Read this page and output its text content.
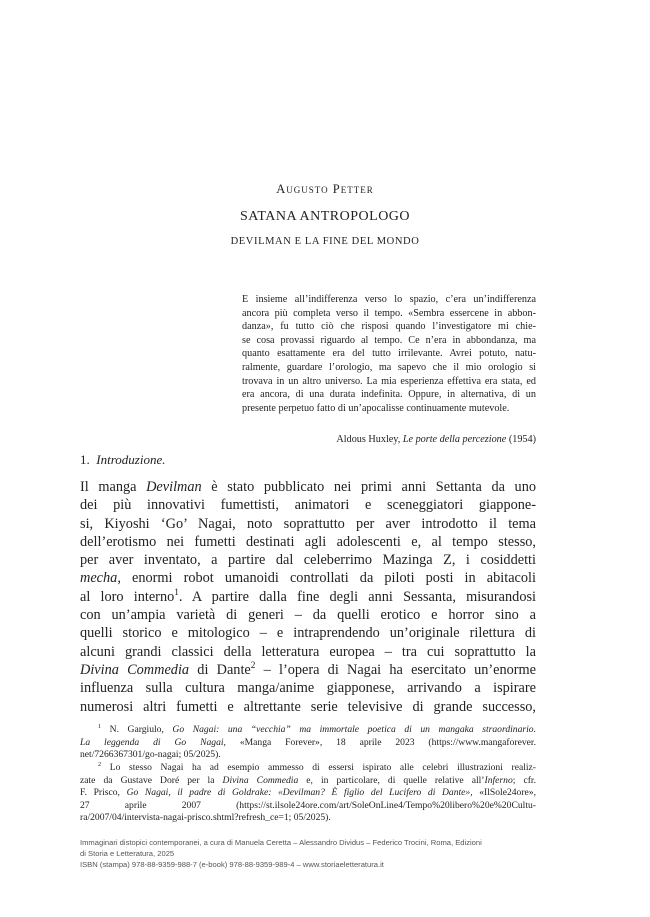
Augusto Petter
SATANA ANTROPOLOGO
DEVILMAN E LA FINE DEL MONDO
E insieme all’indifferenza verso lo spazio, c’era un’indifferenza
ancora più completa verso il tempo. «Sembra essercene in abbon-
danza», fu tutto ciò che risposi quando l’investigatore mi chie-
se cosa provassi riguardo al tempo. Ce n’era in abbondanza, ma
quanto esattamente era del tutto irrilevante. Avrei potuto, natu-
ralmente, guardare l’orologio, ma sapevo che il mio orologio si
trovava in un altro universo. La mia esperienza effettiva era stata, ed
era ancora, di una durata indefinita. Oppure, in alternativa, di un
presente perpetuo fatto di un’apocalisse continuamente mutevole.
Aldous Huxley, Le porte della percezione (1954)
1. Introduzione.
Il manga Devilman è stato pubblicato nei primi anni Settanta da uno
dei più innovativi fumettisti, animatori e sceneggiatori giappone-
si, Kiyoshi ‘Go’ Nagai, noto soprattutto per aver introdotto il tema
dell’erotismo nei fumetti destinati agli adolescenti e, al tempo stesso,
per aver inventato, a partire dal celeberrimo Mazinga Z, i cosiddetti
mecha, enormi robot umanoidi controllati da piloti posti in abitacoli
al loro interno$^1$. A partire dalla fine degli anni Sessanta, misurandosi
con un’ampia varietà di generi – da quelli erotico e horror sino a
quelli storico e mitologico – e intraprendendo un’originale rilettura di
alcuni grandi classici della letteratura europea – tra cui soprattutto la
Divina Commedia di Dante$^2$ – l’opera di Nagai ha esercitato un’enorme
influenza sulla cultura manga/anime giapponese, arrivando a ispirare
numerosi altri fumetti e altrettante serie televisive di grande successo,
$^1$ N. Gargiulo, Go Nagai: una “vecchia” ma immortale poetica di un mangaka straordinario.
La leggenda di Go Nagai, «Manga Forever», 18 aprile 2023 (https://www.mangaforever.
net/7266367301/go-nagai; 05/2025).
$^2$ Lo stesso Nagai ha ad esempio ammesso di essersi ispirato alle celebri illustrazioni realiz-
zate da Gustave Doré per la Divina Commedia e, in particolare, di quelle relative all’Inferno; cfr.
F. Prisco, Go Nagai, il padre di Goldrake: «Devilman? È figlio del Lucifero di Dante», «IlSole24ore»,
27 aprile 2007 (https://st.ilsole24ore.com/art/SoleOnLine4/Tempo%20libero%20e%20Cultu-
ra/2007/04/intervista-nagai-prisco.shtml?refresh_ce=1; 05/2025).
Immaginari distopici contemporanei, a cura di Manuela Ceretta – Alessandro Dividus – Federico Trocini, Roma, Edizioni
di Storia e Letteratura, 2025
ISBN (stampa) 978-88-9359-988-7 (e-book) 978-88-9359-989-4 – www.storiaeletteratura.it
